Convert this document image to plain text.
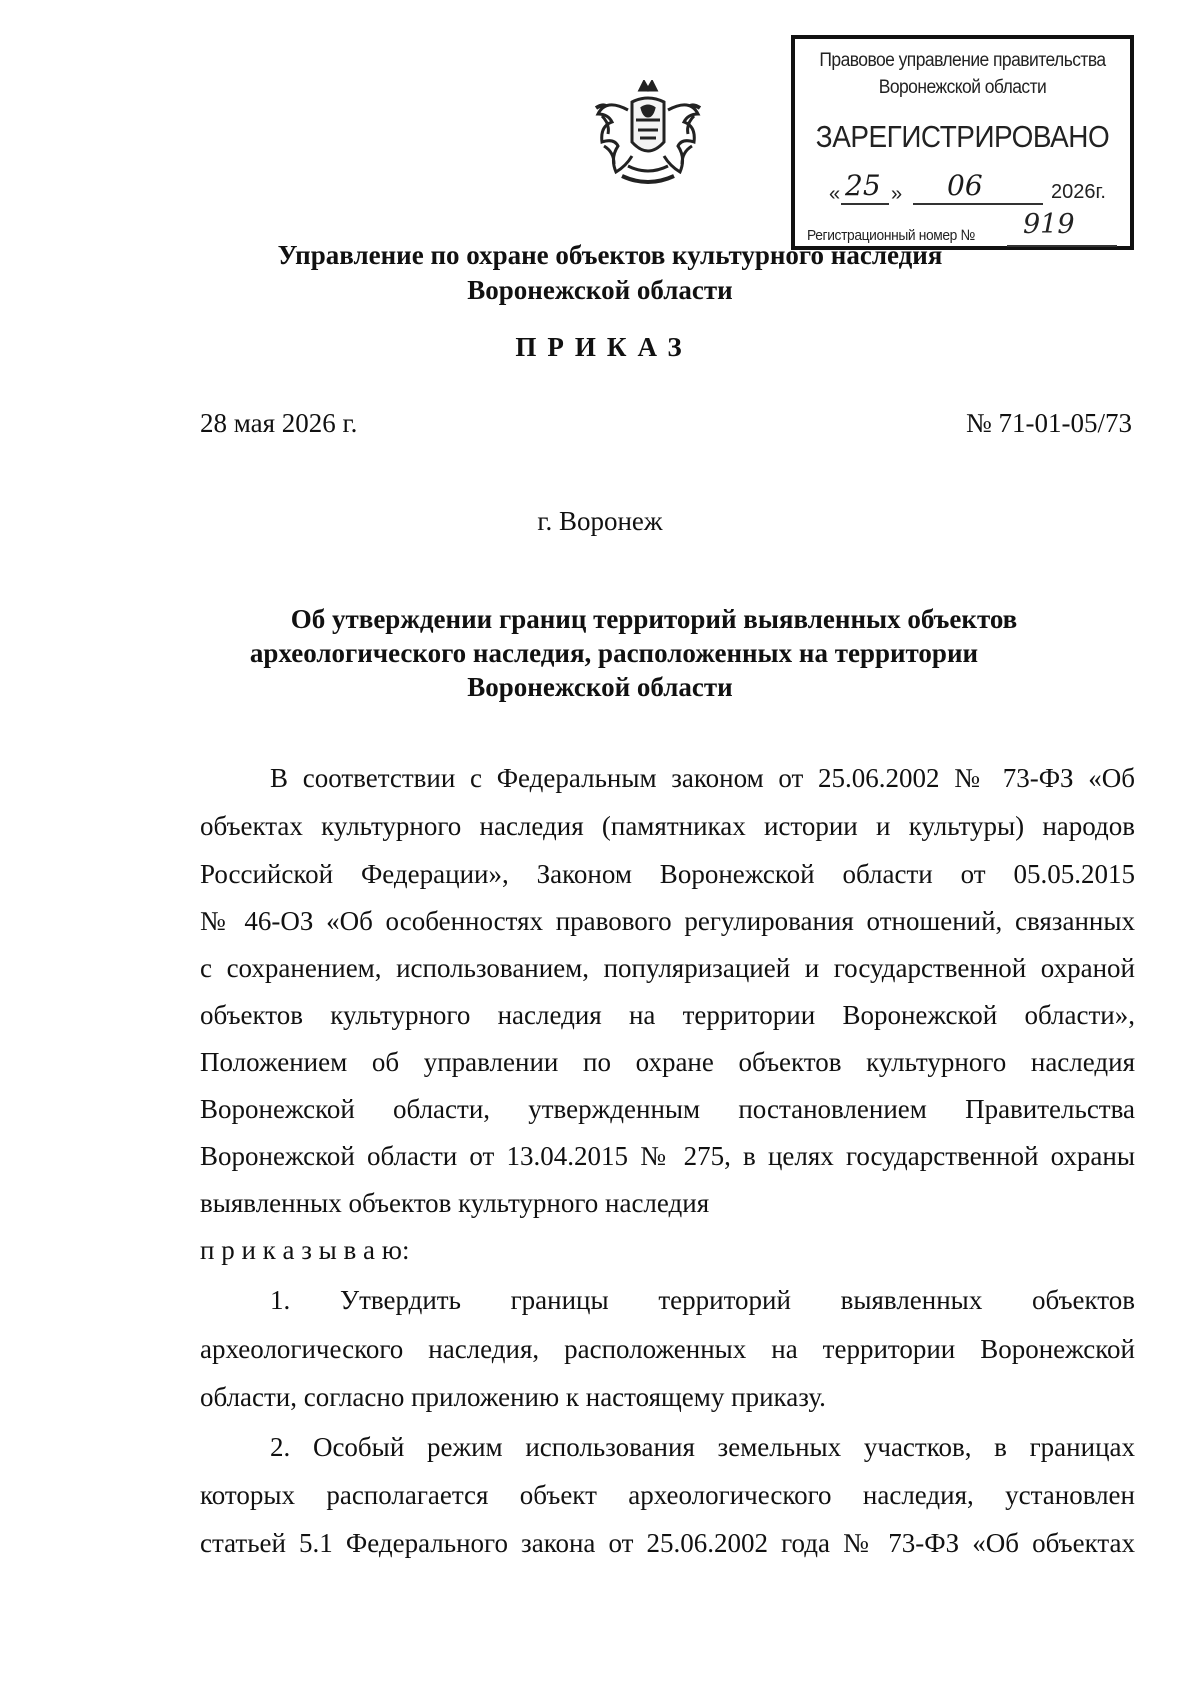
Правовое управление правительства
Воронежской области
ЗАРЕГИСТРИРОВАНО
« 25 » 06	2026г.
Регистрационный номер № 919
Управление по охране объектов культурного наследия
Воронежской области
ПРИКАЗ
28 мая 2026 г.	№ 71-01-05/73
г. Воронеж
Об утверждении границ территорий выявленных объектов
археологического наследия, расположенных на территории
Воронежской области
В соответствии с Федеральным законом от 25.06.2002 № 73-ФЗ «Об
объектах культурного наследия (памятниках истории и культуры) народов
Российской Федерации», Законом Воронежской области от 05.05.2015
№ 46-ОЗ «Об особенностях правового регулирования отношений, связанных
с сохранением, использованием, популяризацией и государственной охраной
объектов культурного наследия на территории Воронежской области»,
Положением об управлении по охране объектов культурного наследия
Воронежской области, утвержденным постановлением Правительства
Воронежской области от 13.04.2015 № 275, в целях государственной охраны
выявленных объектов культурного наследия
п р и к а з ы в а ю:
1. Утвердить границы территорий выявленных объектов
археологического наследия, расположенных на территории Воронежской
области, согласно приложению к настоящему приказу.
2. Особый режим использования земельных участков, в границах
которых располагается объект археологического наследия, установлен
статьей 5.1 Федерального закона от 25.06.2002 года № 73-ФЗ «Об объектах
